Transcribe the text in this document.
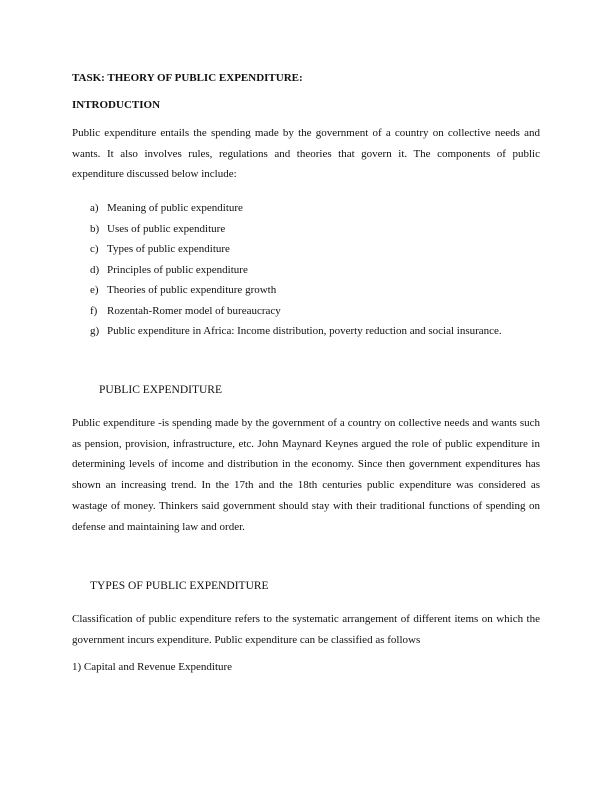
TASK: THEORY OF PUBLIC EXPENDITURE:
INTRODUCTION
Public expenditure entails the spending made by the government of a country on collective needs and wants. It also involves rules, regulations and theories that govern it. The components of public expenditure discussed below include:
a) Meaning of public expenditure
b) Uses of public expenditure
c) Types of public expenditure
d) Principles of public expenditure
e) Theories of public expenditure growth
f) Rozentah-Romer model of bureaucracy
g) Public expenditure in Africa: Income distribution, poverty reduction and social insurance.
PUBLIC EXPENDITURE
Public expenditure -is spending made by the government of a country on collective needs and wants such as pension, provision, infrastructure, etc. John Maynard Keynes argued the role of public expenditure in determining levels of income and distribution in the economy. Since then government expenditures has shown an increasing trend. In the 17th and the 18th centuries public expenditure was considered as wastage of money. Thinkers said government should stay with their traditional functions of spending on defense and maintaining law and order.
TYPES OF PUBLIC EXPENDITURE
Classification of public expenditure refers to the systematic arrangement of different items on which the government incurs expenditure. Public expenditure can be classified as follows
1) Capital and Revenue Expenditure
